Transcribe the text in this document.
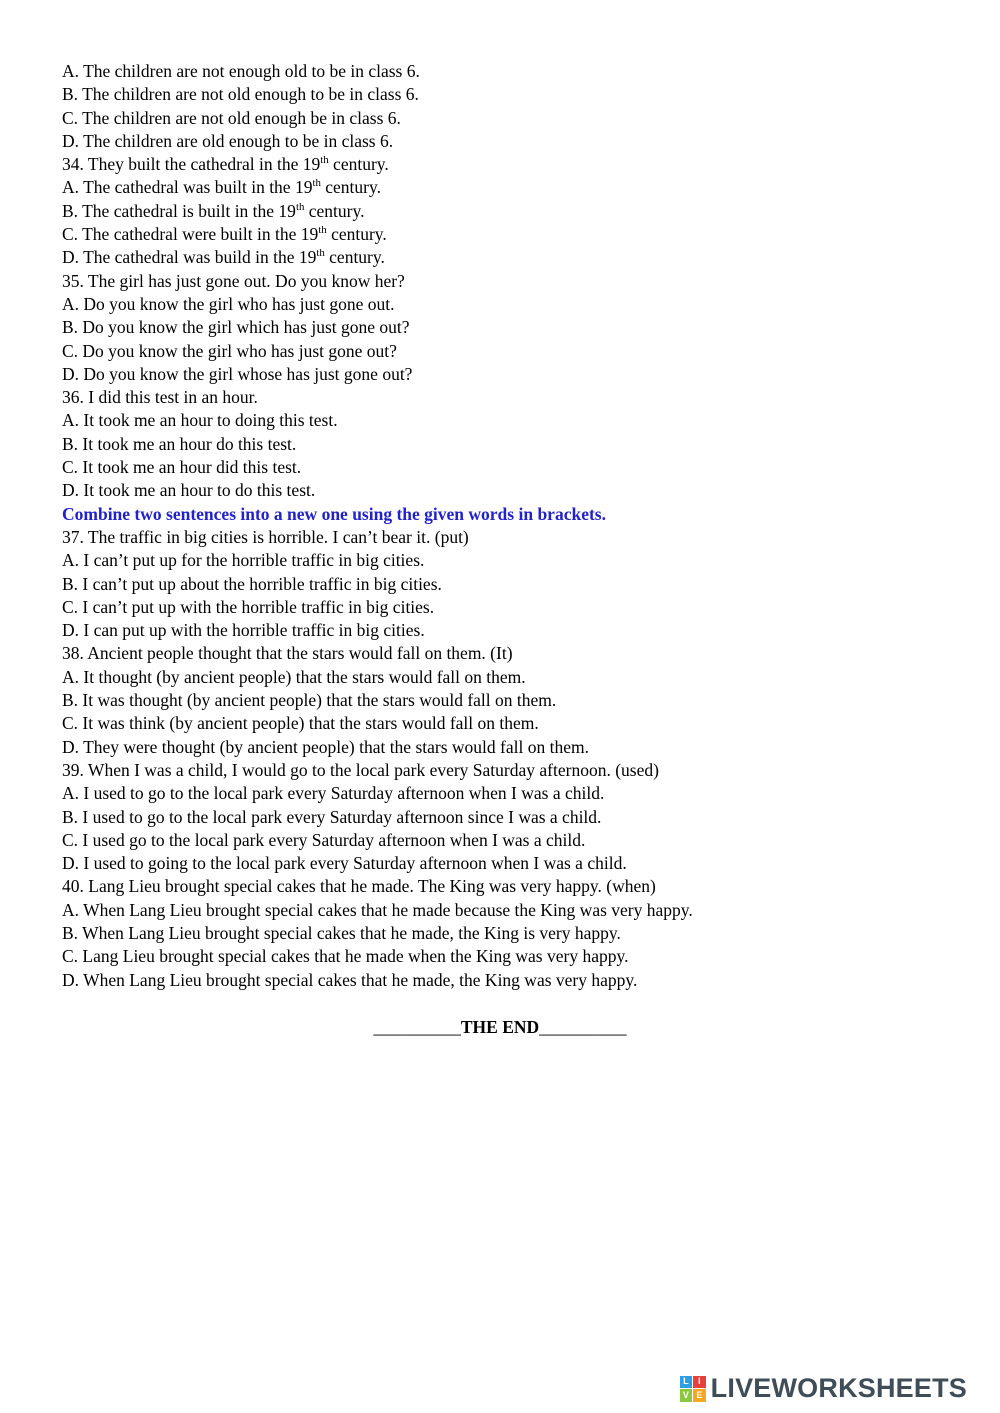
A. The children are not enough old to be in class 6.
B. The children are not old enough to be in class 6.
C. The children are not old enough be in class 6.
D. The children are old enough to be in class 6.
34. They built the cathedral in the 19th century.
A. The cathedral was built in the 19th century.
B. The cathedral is built in the 19th century.
C. The cathedral were built in the 19th century.
D. The cathedral was build in the 19th century.
35. The girl has just gone out. Do you know her?
A. Do you know the girl who has just gone out.
B. Do you know the girl which has just gone out?
C. Do you know the girl who has just gone out?
D. Do you know the girl whose has just gone out?
36. I did this test in an hour.
A. It took me an hour to doing this test.
B. It took me an hour do this test.
C. It took me an hour did this test.
D. It took me an hour to do this test.
Combine two sentences into a new one using the given words in brackets.
37. The traffic in big cities is horrible. I can’t bear it. (put)
A. I can’t put up for the horrible traffic in big cities.
B. I can’t put up about the horrible traffic in big cities.
C. I can’t put up with the horrible traffic in big cities.
D. I can put up with the horrible traffic in big cities.
38. Ancient people thought that the stars would fall on them. (It)
A. It thought (by ancient people) that the stars would fall on them.
B. It was thought (by ancient people) that the stars would fall on them.
C. It was think (by ancient people) that the stars would fall on them.
D. They were thought (by ancient people) that the stars would fall on them.
39. When I was a child, I would go to the local park every Saturday afternoon. (used)
A. I used to go to the local park every Saturday afternoon when I was a child.
B. I used to go to the local park every Saturday afternoon since I was a child.
C. I used go to the local park every Saturday afternoon when I was a child.
D. I used to going to the local park every Saturday afternoon when I was a child.
40. Lang Lieu brought special cakes that he made. The King was very happy. (when)
A. When Lang Lieu brought special cakes that he made because the King was very happy.
B. When Lang Lieu brought special cakes that he made, the King is very happy.
C. Lang Lieu brought special cakes that he made when the King was very happy.
D. When Lang Lieu brought special cakes that he made, the King was very happy.
__________THE END__________
L	I
V E LIVEWORKSHEETS
